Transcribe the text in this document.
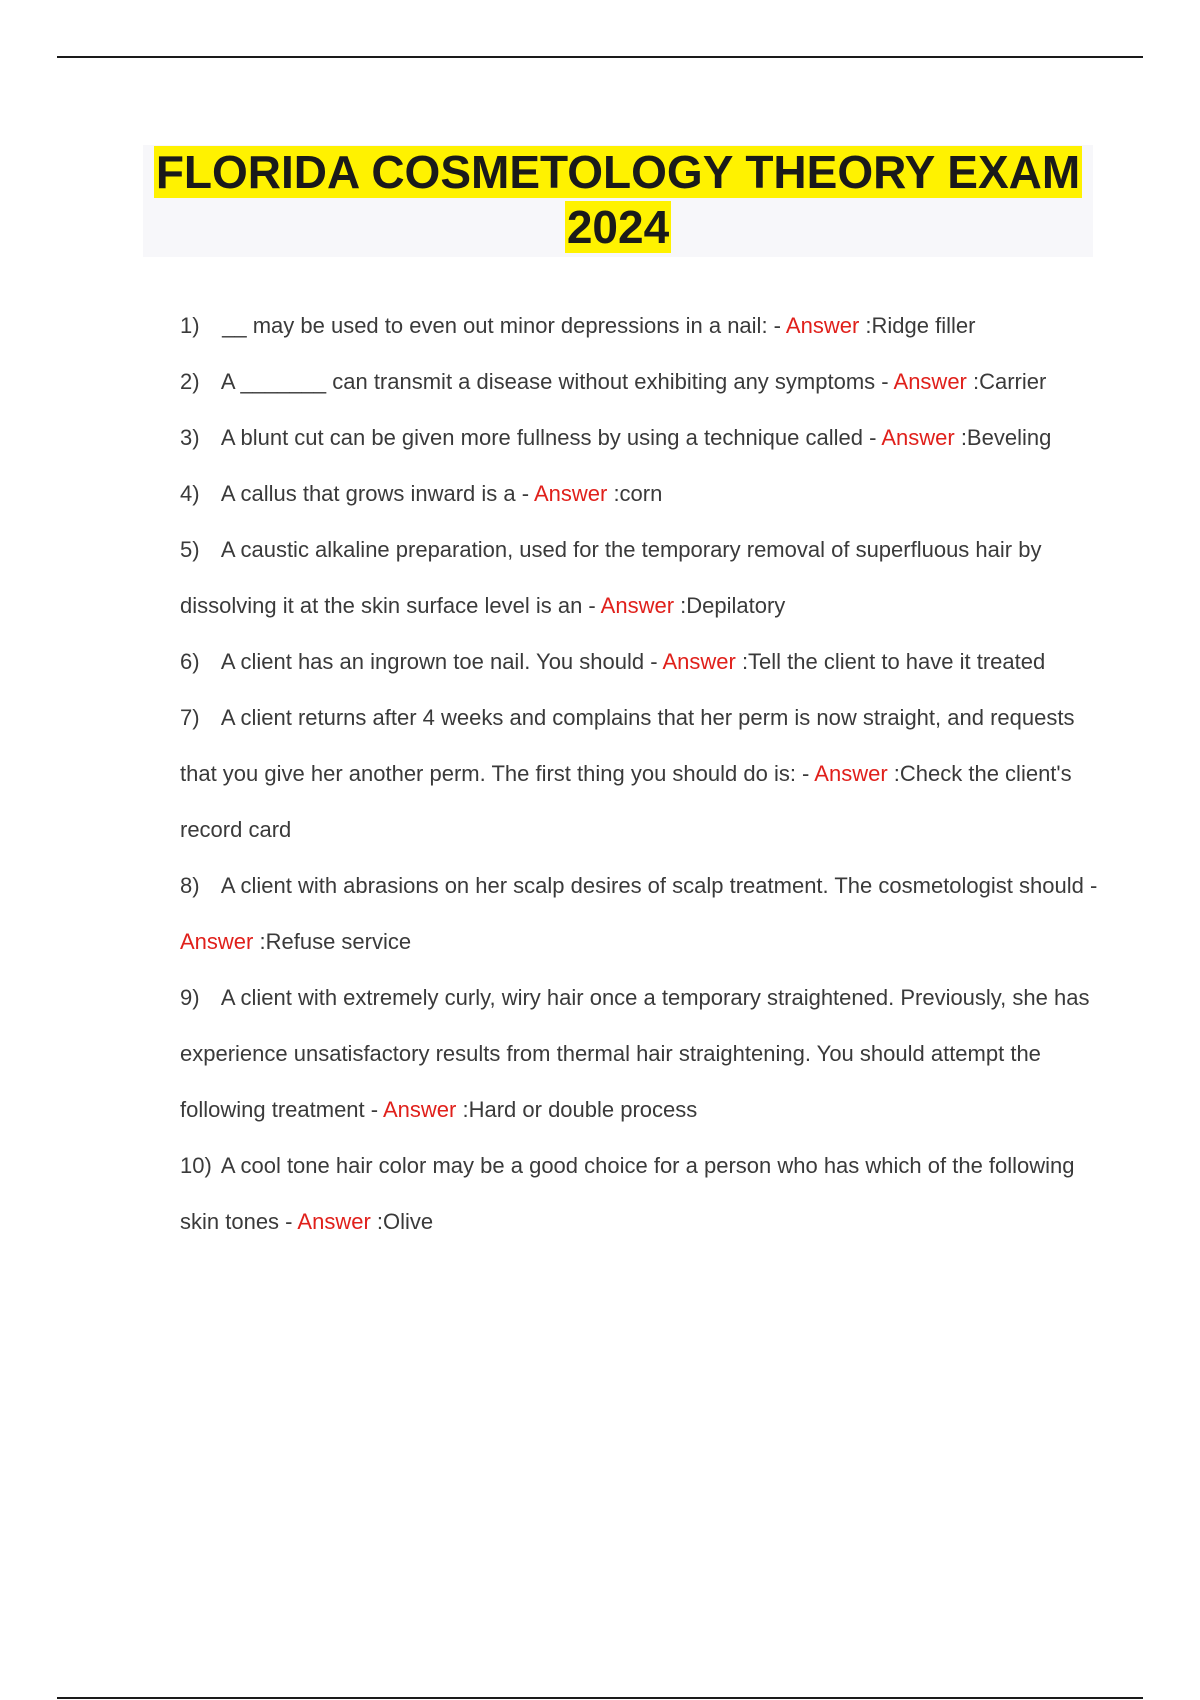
FLORIDA COSMETOLOGY THEORY EXAM 2024
1) __ may be used to even out minor depressions in a nail: - Answer :Ridge filler
2) A _______ can transmit a disease without exhibiting any symptoms - Answer :Carrier
3) A blunt cut can be given more fullness by using a technique called - Answer :Beveling
4) A callus that grows inward is a - Answer :corn
5) A caustic alkaline preparation, used for the temporary removal of superfluous hair by dissolving it at the skin surface level is an - Answer :Depilatory
6) A client has an ingrown toe nail. You should - Answer :Tell the client to have it treated
7) A client returns after 4 weeks and complains that her perm is now straight, and requests that you give her another perm. The first thing you should do is: - Answer :Check the client's record card
8) A client with abrasions on her scalp desires of scalp treatment. The cosmetologist should - Answer :Refuse service
9) A client with extremely curly, wiry hair once a temporary straightened. Previously, she has experience unsatisfactory results from thermal hair straightening. You should attempt the following treatment - Answer :Hard or double process
10) A cool tone hair color may be a good choice for a person who has which of the following skin tones - Answer :Olive
